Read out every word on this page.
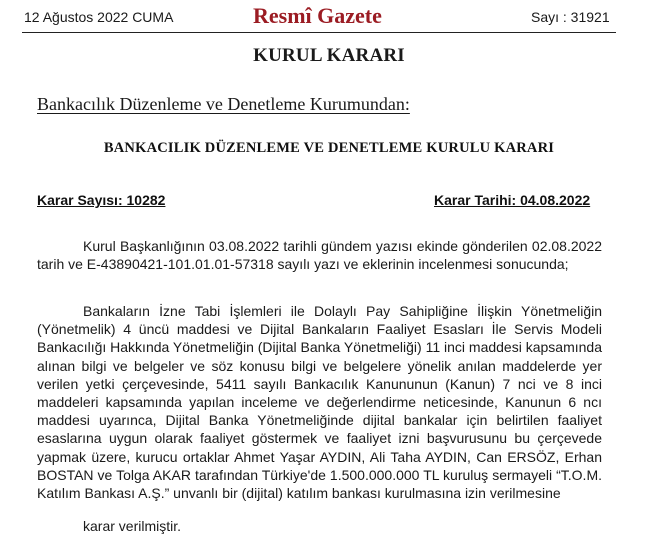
12 Ağustos 2022 CUMA	Resmî Gazete	Sayı : 31921
KURUL KARARI
Bankacılık Düzenleme ve Denetleme Kurumundan:
BANKACILIK DÜZENLEME VE DENETLEME KURULU KARARI
Karar Sayısı: 10282	Karar Tarihi: 04.08.2022

Kurul Başkanlığının 03.08.2022 tarihli gündem yazısı ekinde gönderilen 02.08.2022 tarih ve E-43890421-101.01.01-57318 sayılı yazı ve eklerinin incelenmesi sonucunda;

Bankaların İzne Tabi İşlemleri ile Dolaylı Pay Sahipliğine İlişkin Yönetmeliğin (Yönetmelik) 4 üncü maddesi ve Dijital Bankaların Faaliyet Esasları İle Servis Modeli Bankacılığı Hakkında Yönetmeliğin (Dijital Banka Yönetmeliği) 11 inci maddesi kapsamında alınan bilgi ve belgeler ve söz konusu bilgi ve belgelere yönelik anılan maddelerde yer verilen yetki çerçevesinde, 5411 sayılı Bankacılık Kanununun (Kanun) 7 nci ve 8 inci maddeleri kapsamında yapılan inceleme ve değerlendirme neticesinde, Kanunun 6 ncı maddesi uyarınca, Dijital Banka Yönetmeliğinde dijital bankalar için belirtilen faaliyet esaslarına uygun olarak faaliyet göstermek ve faaliyet izni başvurusunu bu çerçevede yapmak üzere, kurucu ortaklar Ahmet Yaşar AYDIN, Ali Taha AYDIN, Can ERSÖZ, Erhan BOSTAN ve Tolga AKAR tarafından Türkiye'de 1.500.000.000 TL kuruluş sermayeli “T.O.M. Katılım Bankası A.Ş.” unvanlı bir (dijital) katılım bankası kurulmasına izin verilmesine

karar verilmiştir.
